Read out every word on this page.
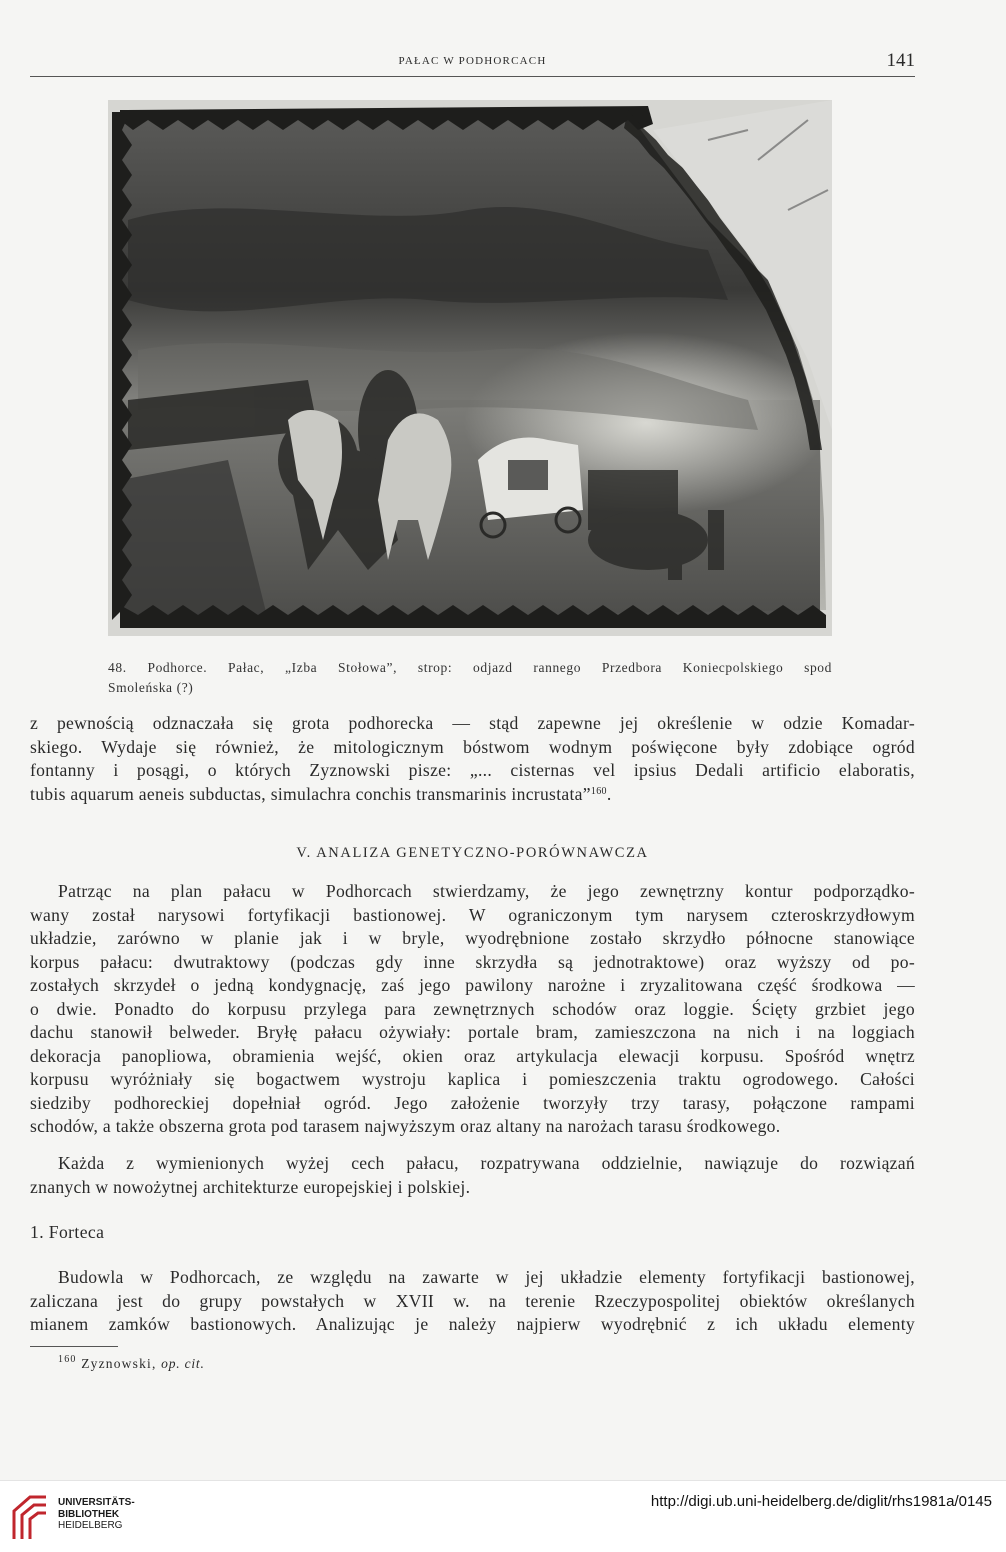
PAŁAC W PODHORCACH	141
48. Podhorce. Pałac, „Izba Stołowa”, strop: odjazd rannego Przedbora Koniecpolskiego spod
Smoleńska (?)
z pewnością odznaczała się grota podhorecka — stąd zapewne jej określenie w odzie Komadar-
skiego. Wydaje się również, że mitologicznym bóstwom wodnym poświęcone były zdobiące ogród
fontanny i posągi, o których Zyznowski pisze: „... cisternas vel ipsius Dedali artificio elaboratis,
tubis aquarum aeneis subductas, simulachra conchis transmarinis incrustata”$^{160}$.
V. ANALIZA GENETYCZNO-PORÓWNAWCZA
Patrząc na plan pałacu w Podhorcach stwierdzamy, że jego zewnętrzny kontur podporządko-
wany został narysowi fortyfikacji bastionowej. W ograniczonym tym narysem czteroskrzydłowym
układzie, zarówno w planie jak i w bryle, wyodrębnione zostało skrzydło północne stanowiące
korpus pałacu: dwutraktowy (podczas gdy inne skrzydła są jednotraktowe) oraz wyższy od po-
zostałych skrzydeł o jedną kondygnację, zaś jego pawilony narożne i zryzalitowana część środkowa —
o dwie. Ponadto do korpusu przylega para zewnętrznych schodów oraz loggie. Ścięty grzbiet jego
dachu stanowił belweder. Bryłę pałacu ożywiały: portale bram, zamieszczona na nich i na loggiach
dekoracja panopliowa, obramienia wejść, okien oraz artykulacja elewacji korpusu. Spośród wnętrz
korpusu wyróżniały się bogactwem wystroju kaplica i pomieszczenia traktu ogrodowego. Całości
siedziby podhoreckiej dopełniał ogród. Jego założenie tworzyły trzy tarasy, połączone rampami
schodów, a także obszerna grota pod tarasem najwyższym oraz altany na narożach tarasu środkowego.
Każda z wymienionych wyżej cech pałacu, rozpatrywana oddzielnie, nawiązuje do rozwiązań
znanych w nowożytnej architekturze europejskiej i polskiej.
1. Forteca
Budowla w Podhorcach, ze względu na zawarte w jej układzie elementy fortyfikacji bastionowej,
zaliczana jest do grupy powstałych w XVII w. na terenie Rzeczypospolitej obiektów określanych
mianem zamków bastionowych. Analizując je należy najpierw wyodrębnić z ich układu elementy
$^{160}$ Zyznowski, op. cit.
UNIVERSITÄTS-
BIBLIOTHEK
HEIDELBERG
http://digi.ub.uni-heidelberg.de/diglit/rhs1981a/0145
